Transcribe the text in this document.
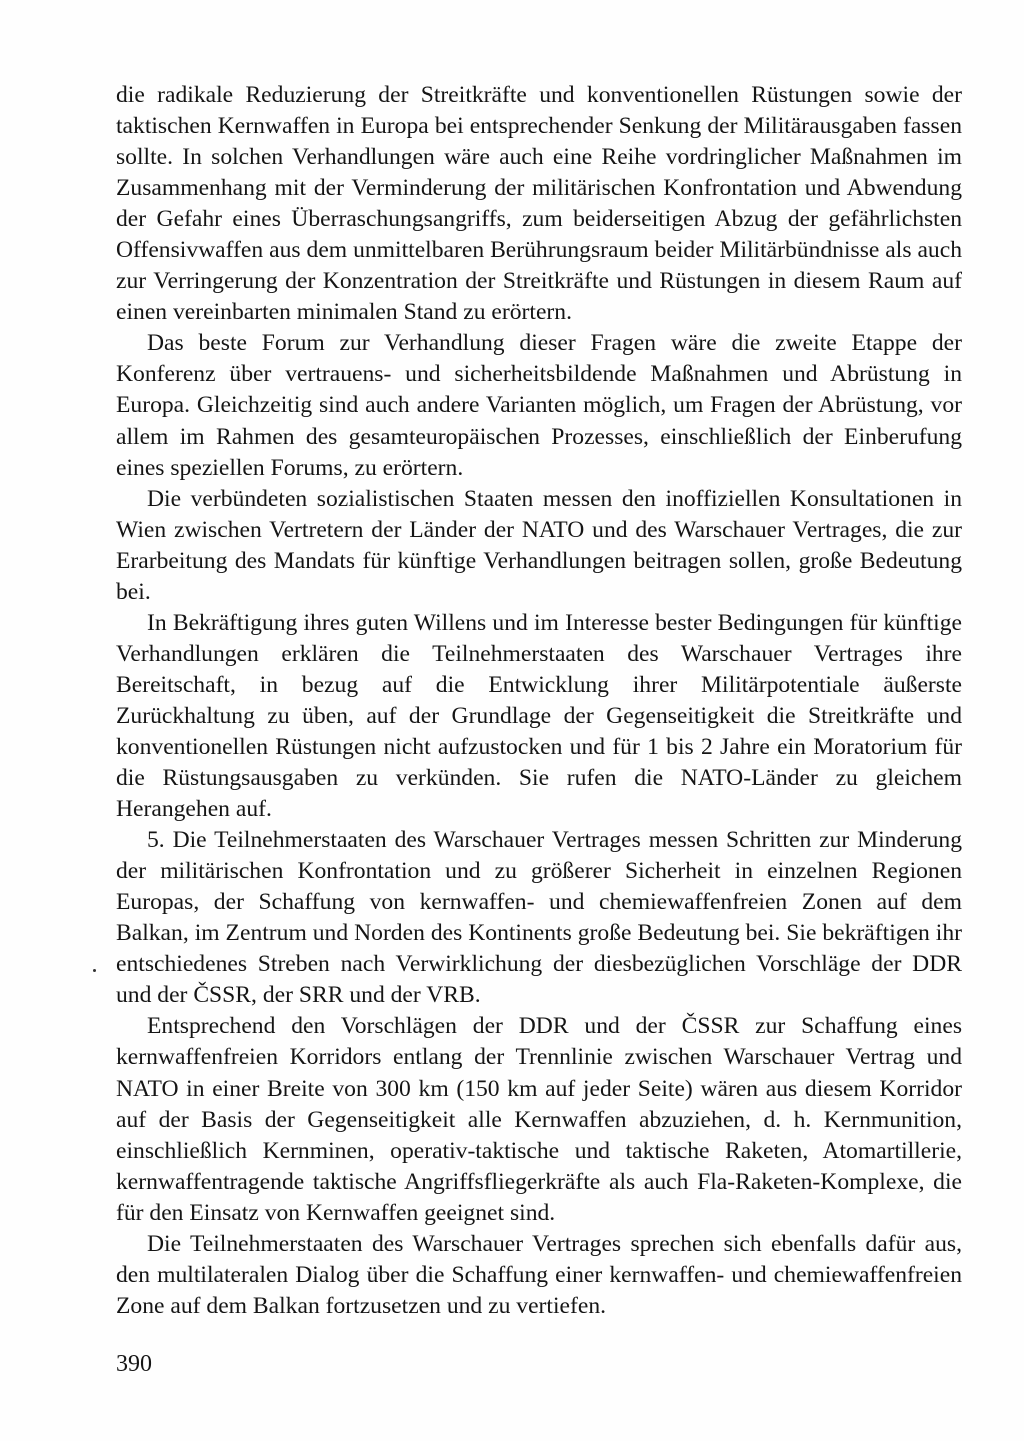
die radikale Reduzierung der Streitkräfte und konventionellen Rüstungen sowie der taktischen Kernwaffen in Europa bei entsprechender Senkung der Militärausgaben fassen sollte. In solchen Verhandlungen wäre auch eine Reihe vordringlicher Maßnahmen im Zusammenhang mit der Verminderung der militärischen Konfrontation und Abwendung der Gefahr eines Überraschungsangriffs, zum beiderseitigen Abzug der gefährlichsten Offensivwaffen aus dem unmittelbaren Berührungsraum beider Militärbündnisse als auch zur Verringerung der Konzentration der Streitkräfte und Rüstungen in diesem Raum auf einen vereinbarten minimalen Stand zu erörtern.

Das beste Forum zur Verhandlung dieser Fragen wäre die zweite Etappe der Konferenz über vertrauens- und sicherheitsbildende Maßnahmen und Abrüstung in Europa. Gleichzeitig sind auch andere Varianten möglich, um Fragen der Abrüstung, vor allem im Rahmen des gesamteuropäischen Prozesses, einschließlich der Einberufung eines speziellen Forums, zu erörtern.

Die verbündeten sozialistischen Staaten messen den inoffiziellen Konsultationen in Wien zwischen Vertretern der Länder der NATO und des Warschauer Vertrages, die zur Erarbeitung des Mandats für künftige Verhandlungen beitragen sollen, große Bedeutung bei.

In Bekräftigung ihres guten Willens und im Interesse bester Bedingungen für künftige Verhandlungen erklären die Teilnehmerstaaten des Warschauer Vertrages ihre Bereitschaft, in bezug auf die Entwicklung ihrer Militärpotentiale äußerste Zurückhaltung zu üben, auf der Grundlage der Gegenseitigkeit die Streitkräfte und konventionellen Rüstungen nicht aufzustocken und für 1 bis 2 Jahre ein Moratorium für die Rüstungsausgaben zu verkünden. Sie rufen die NATO-Länder zu gleichem Herangehen auf.

5. Die Teilnehmerstaaten des Warschauer Vertrages messen Schritten zur Minderung der militärischen Konfrontation und zu größerer Sicherheit in einzelnen Regionen Europas, der Schaffung von kernwaffen- und chemiewaffenfreien Zonen auf dem Balkan, im Zentrum und Norden des Kontinents große Bedeutung bei. Sie bekräftigen ihr entschiedenes Streben nach Verwirklichung der diesbezüglichen Vorschläge der DDR und der ČSSR, der SRR und der VRB.

Entsprechend den Vorschlägen der DDR und der ČSSR zur Schaffung eines kernwaffenfreien Korridors entlang der Trennlinie zwischen Warschauer Vertrag und NATO in einer Breite von 300 km (150 km auf jeder Seite) wären aus diesem Korridor auf der Basis der Gegenseitigkeit alle Kernwaffen abzuziehen, d. h. Kernmunition, einschließlich Kernminen, operativ-taktische und taktische Raketen, Atomartillerie, kernwaffentragende taktische Angriffsfliegerkräfte als auch Fla-Raketen-Komplexe, die für den Einsatz von Kernwaffen geeignet sind.

Die Teilnehmerstaaten des Warschauer Vertrages sprechen sich ebenfalls dafür aus, den multilateralen Dialog über die Schaffung einer kernwaffen- und chemiewaffenfreien Zone auf dem Balkan fortzusetzen und zu vertiefen.

390
